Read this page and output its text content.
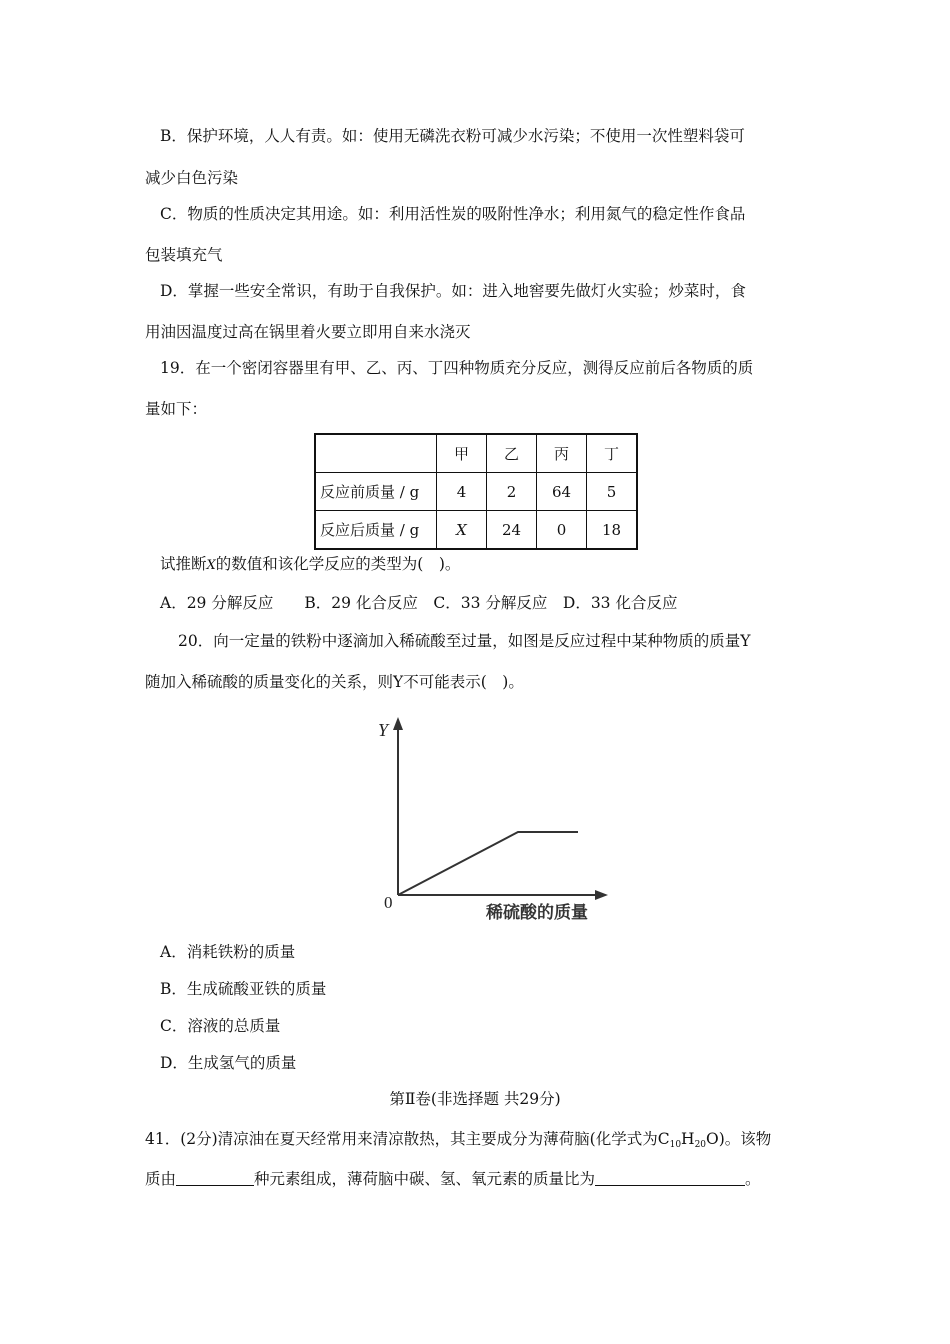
B．保护环境，人人有责。如：使用无磷洗衣粉可减少水污染；不使用一次性塑料袋可
减少白色污染
C．物质的性质决定其用途。如：利用活性炭的吸附性净水；利用氮气的稳定性作食品
包装填充气
D．掌握一些安全常识，有助于自我保护。如：进入地窖要先做灯火实验；炒菜时，食
用油因温度过高在锅里着火要立即用自来水浇灭
19．在一个密闭容器里有甲、乙、丙、丁四种物质充分反应，测得反应前后各物质的质
量如下：
	甲	乙	丙	丁
反应前质量 / g	4	2	64	5
反应后质量 / g	X	24	0	18
试推断X的数值和该化学反应的类型为(　)。
A．29 分解反应　　B．29 化合反应　C．33 分解反应　D．33 化合反应
20．向一定量的铁粉中逐滴加入稀硫酸至过量，如图是反应过程中某种物质的质量Y
随加入稀硫酸的质量变化的关系，则Y不可能表示(　)。
Y
0
稀硫酸的质量
A．消耗铁粉的质量
B．生成硫酸亚铁的质量
C．溶液的总质量
D．生成氢气的质量
第Ⅱ卷(非选择题 共29分)
41．(2分)清凉油在夏天经常用来清凉散热，其主要成分为薄荷脑(化学式为$C_{10}H_{20}O$)。该物
质由	种元素组成，薄荷脑中碳、氢、氧元素的质量比为	。
